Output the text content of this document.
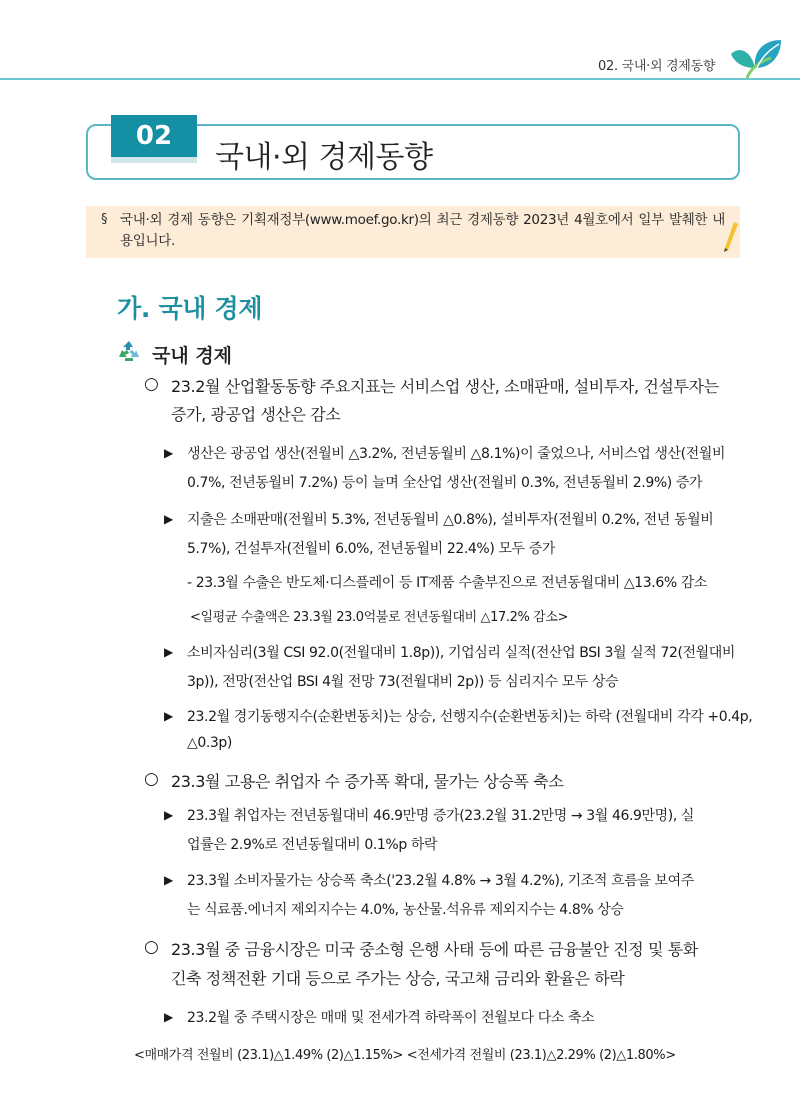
02. 국내·외 경제동향
02
국내·외 경제동향
§ 국내·외 경제 동향은 기획재정부(www.moef.go.kr)의 최근 경제동향 2023년 4월호에서 일부 발췌한 내용입니다.
가. 국내 경제
국내 경제
○ 23.2월 산업활동동향 주요지표는 서비스업 생산, 소매판매, 설비투자, 건설투자는
증가, 광공업 생산은 감소
▶ 생산은 광공업 생산(전월비 △3.2%, 전년동월비 △8.1%)이 줄었으나, 서비스업 생산(전월비
0.7%, 전년동월비 7.2%) 등이 늘며 全산업 생산(전월비 0.3%, 전년동월비 2.9%) 증가
▶ 지출은 소매판매(전월비 5.3%, 전년동월비 △0.8%), 설비투자(전월비 0.2%, 전년 동월비
5.7%), 건설투자(전월비 6.0%, 전년동월비 22.4%) 모두 증가
- 23.3월 수출은 반도체·디스플레이 등 IT제품 수출부진으로 전년동월대비 △13.6% 감소
<일평균 수출액은 23.3월 23.0억불로 전년동월대비 △17.2% 감소>
▶ 소비자심리(3월 CSI 92.0(전월대비 1.8p)), 기업심리 실적(전산업 BSI 3월 실적 72(전월대비
3p)), 전망(전산업 BSI 4월 전망 73(전월대비 2p)) 등 심리지수 모두 상승
▶ 23.2월 경기동행지수(순환변동치)는 상승, 선행지수(순환변동치)는 하락 (전월대비 각각 +0.4p,
△0.3p)
○ 23.3월 고용은 취업자 수 증가폭 확대, 물가는 상승폭 축소
▶ 23.3월 취업자는 전년동월대비 46.9만명 증가(23.2월 31.2만명 → 3월 46.9만명), 실
업률은 2.9%로 전년동월대비 0.1%p 하락
▶ 23.3월 소비자물가는 상승폭 축소('23.2월 4.8% → 3월 4.2%), 기조적 흐름을 보여주
는 식료품.에너지 제외지수는 4.0%, 농산물.석유류 제외지수는 4.8% 상승
○ 23.3월 중 금융시장은 미국 중소형 은행 사태 등에 따른 금융불안 진정 및 통화
긴축 정책전환 기대 등으로 주가는 상승, 국고채 금리와 환율은 하락
▶ 23.2월 중 주택시장은 매매 및 전세가격 하락폭이 전월보다 다소 축소
<매매가격 전월비 (23.1)△1.49% (2)△1.15%> <전세가격 전월비 (23.1)△2.29% (2)△1.80%>
